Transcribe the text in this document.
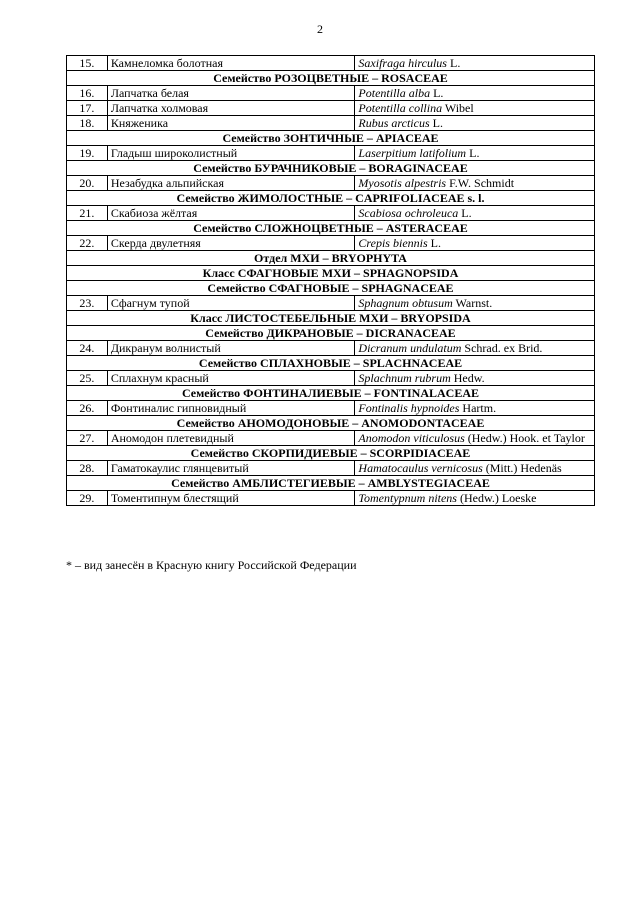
2
15.	Камнеломка болотная	Saxifraga hirculus L.
Семейство РОЗОЦВЕТНЫЕ – ROSACEAE		
16.	Лапчатка белая	Potentilla alba L.
17.	Лапчатка холмовая	Potentilla collina Wibel
18.	Княженика	Rubus arcticus L.
Семейство ЗОНТИЧНЫЕ – APIACEAE		
19.	Гладыш широколистный	Laserpitium latifolium L.
Семейство БУРАЧНИКОВЫЕ – BORAGINACEAE		
20.	Незабудка альпийская	Myosotis alpestris F.W. Schmidt
Семейство ЖИМОЛОСТНЫЕ – CAPRIFOLIACEAE s. l.		
21.	Скабиоза жёлтая	Scabiosa ochroleuca L.
Семейство СЛОЖНОЦВЕТНЫЕ – ASTERACEAE		
22.	Скерда двулетняя	Crepis biennis L.
Отдел МХИ – BRYOPHYTA		
Класс СФАГНОВЫЕ МХИ – SPHAGNOPSIDA		
Семейство СФАГНОВЫЕ – SPHAGNACEAE		
23.	Сфагнум тупой	Sphagnum obtusum Warnst.
Класс ЛИСТОСТЕБЕЛЬНЫЕ МХИ – BRYOPSIDA		
Семейство ДИКРАНОВЫЕ – DICRANACEAE		
24.	Дикранум волнистый	Dicranum undulatum Schrad. ex Brid.
Семейство СПЛАХНОВЫЕ – SPLACHNACEAE		
25.	Сплахнум красный	Splachnum rubrum Hedw.
Семейство ФОНТИНАЛИЕВЫЕ – FONTINALACEAE		
26.	Фонтиналис гипновидный	Fontinalis hypnoides Hartm.
Семейство АНОМОДОНОВЫЕ – ANOMODONTACEAE		
27.	Аномодон плетевидный	Anomodon viticulosus (Hedw.) Hook. et Taylor
Семейство СКОРПИДИЕВЫЕ – SCORPIDIACEAE		
28.	Гаматокаулис глянцевитый	Hamatocaulus vernicosus (Mitt.) Hedenäs
Семейство АМБЛИСТЕГИЕВЫЕ – AMBLYSTEGIACEAE		
29.	Томентипнум блестящий	Tomentypnum nitens (Hedw.) Loeske
* – вид занесён в Красную книгу Российской Федерации
